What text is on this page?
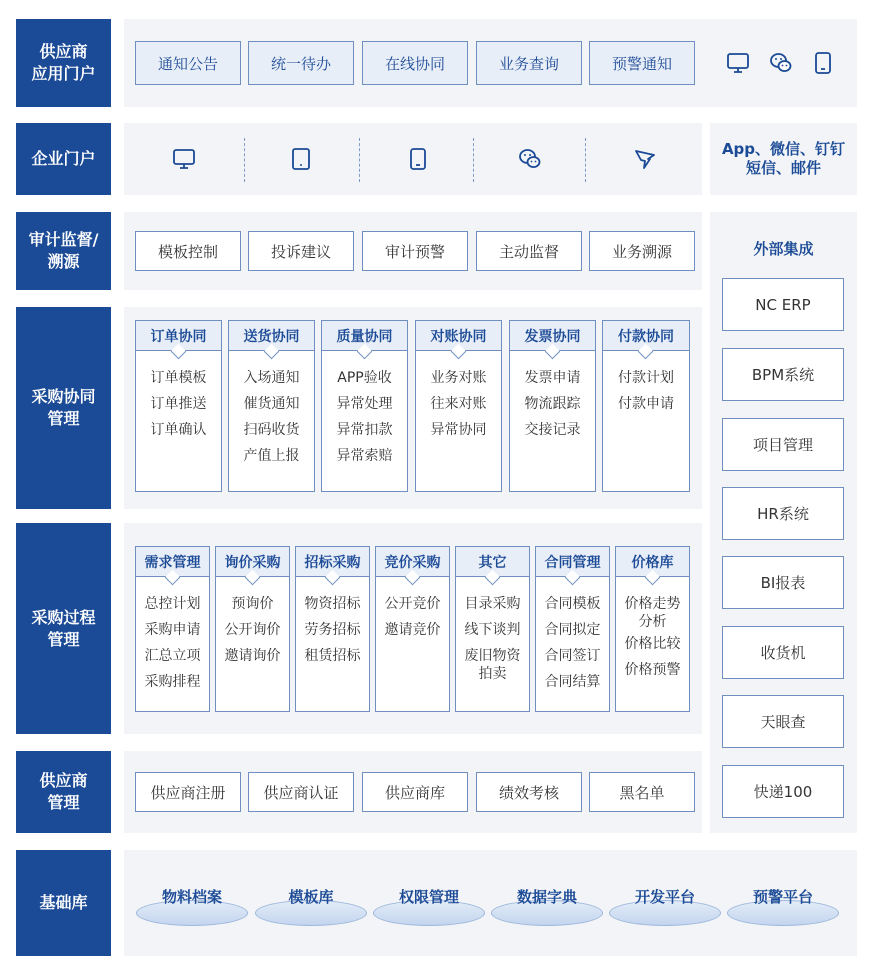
供应商
应用门户
企业门户
审计监督/
溯源
采购协同
管理
采购过程
管理
供应商
管理
基础库
通知公告	统一待办	在线协同	业务查询	预警通知
App、微信、钉钉
短信、邮件
模板控制	投诉建议	审计预警	主动监督	业务溯源
订单协同
订单模板
订单推送
订单确认
送货协同
入场通知
催货通知
扫码收货
产值上报
质量协同
APP验收
异常处理
异常扣款
异常索赔
对账协同
业务对账
往来对账
异常协同
发票协同
发票申请
物流跟踪
交接记录
付款协同
付款计划
付款申请
需求管理
总控计划
采购申请
汇总立项
采购排程
询价采购
预询价
公开询价
邀请询价
招标采购
物资招标
劳务招标
租赁招标
竞价采购
公开竞价
邀请竞价
其它
目录采购
线下谈判
废旧物资
拍卖
合同管理
合同模板
合同拟定
合同签订
合同结算
价格库
价格走势
分析
价格比较
价格预警
供应商注册	供应商认证	供应商库	绩效考核	黑名单
外部集成
NC ERP
BPM系统
项目管理
HR系统
BI报表
收货机
天眼查
快递100
物料档案	模板库	权限管理	数据字典	开发平台	预警平台
